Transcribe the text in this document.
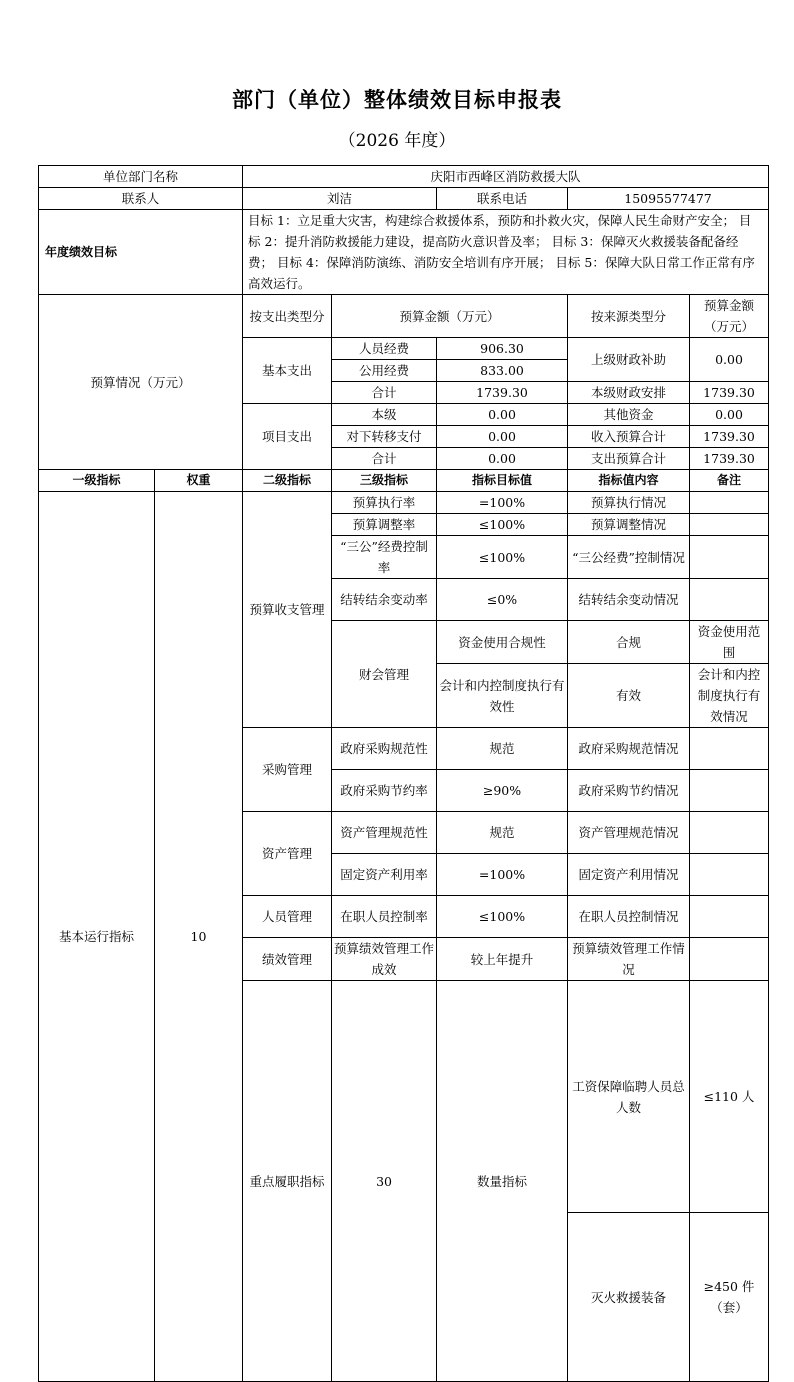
部门（单位）整体绩效目标申报表
（2026 年度）
单位部门名称		庆阳市西峰区消防救援大队					
联系人		刘洁		联系电话	15095577477		
年度绩效目标		目标 1：立足重大灾害，构建综合救援体系，预防和扑救火灾，保障人民生命财产安全； 目标 2：提升消防救援能力建设，提高防火意识普及率； 目标 3：保障灭火救援装备配备经费； 目标 4：保障消防演练、消防安全培训有序开展； 目标 5：保障大队日常工作正常有序高效运行。					
预算情况（万元）		按支出类型分	预算金额（万元）		按来源类型分	预算金额（万元）	
		基本支出	人员经费	906.30	上级财政补助	0.00	
			公用经费	833.00			
			合计	1739.30	本级财政安排	1739.30	
		项目支出	本级	0.00	其他资金	0.00	
			对下转移支付	0.00	收入预算合计	1739.30	
			合计	0.00	支出预算合计	1739.30	
一级指标	权重	二级指标	三级指标	指标目标值	指标值内容	备注	
基本运行指标	10	预算收支管理	预算执行率	=100%	预算执行情况		
			预算调整率	≤100%	预算调整情况		
			“三公”经费控制率	≤100%	“三公经费”控制情况		
			结转结余变动率	≤0%	结转结余变动情况		
			财会管理	资金使用合规性	合规	资金使用范围	
				会计和内控制度执行有效性	有效	会计和内控制度执行有效情况	
		采购管理	政府采购规范性	规范	政府采购规范情况		
			政府采购节约率	≥90%	政府采购节约情况		
		资产管理	资产管理规范性	规范	资产管理规范情况		
			固定资产利用率	=100%	固定资产利用情况		
		人员管理	在职人员控制率	≤100%	在职人员控制情况		
		绩效管理	预算绩效管理工作成效	较上年提升	预算绩效管理工作情况		
		重点履职指标	30	数量指标	工资保障临聘人员总人数	≤110 人		
					灭火救援装备	≥450 件（套）		
